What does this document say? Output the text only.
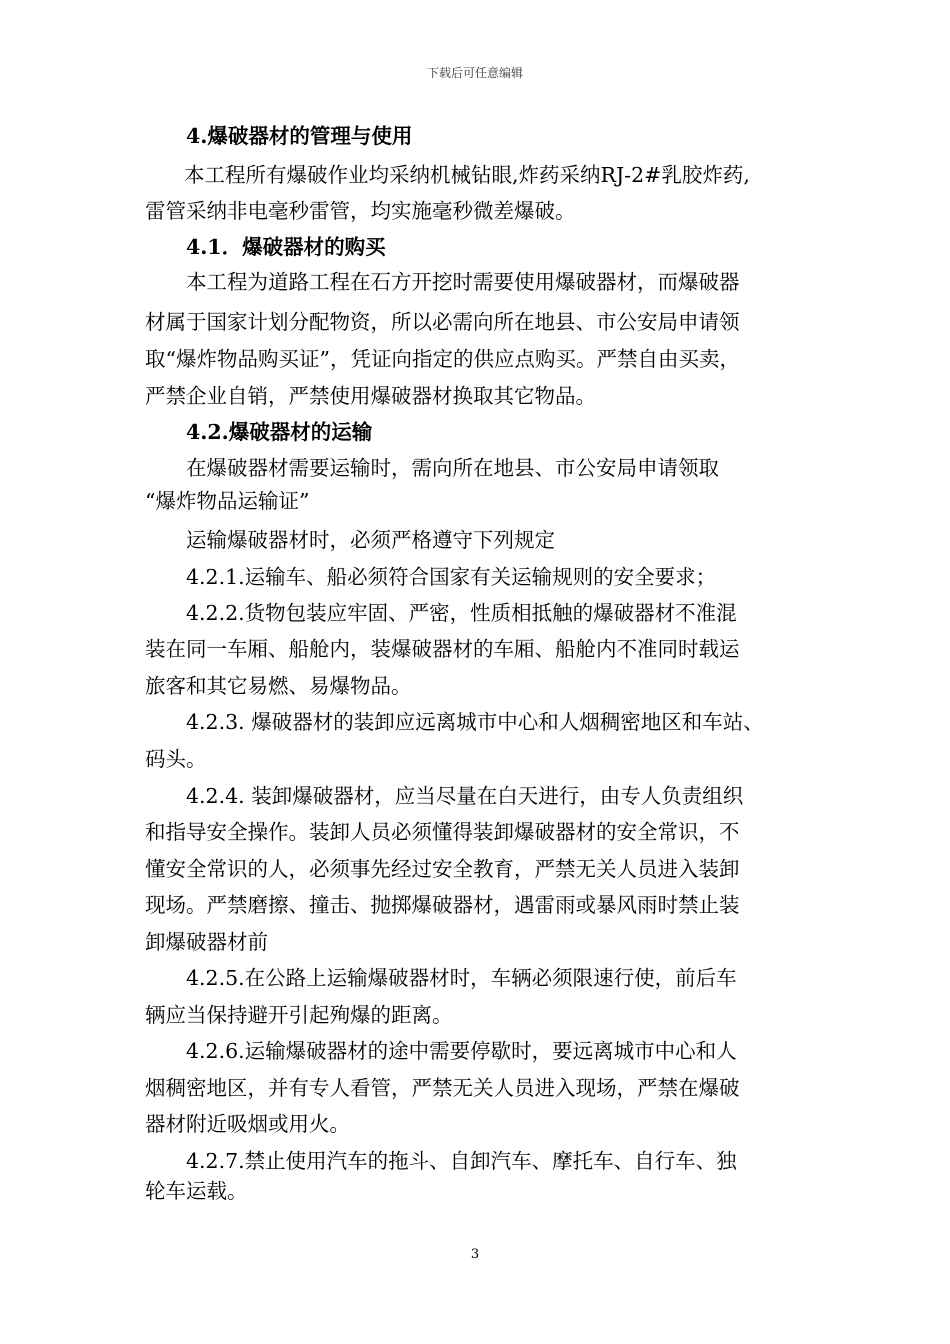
下载后可任意编辑
4.爆破器材的管理与使用
本工程所有爆破作业均采纳机械钻眼,炸药采纳RJ-2#乳胶炸药,
雷管采纳非电毫秒雷管，均实施毫秒微差爆破。
4.1．爆破器材的购买
本工程为道路工程在石方开挖时需要使用爆破器材，而爆破器
材属于国家计划分配物资，所以必需向所在地县、市公安局申请领
取“爆炸物品购买证”，凭证向指定的供应点购买。严禁自由买卖，
严禁企业自销，严禁使用爆破器材换取其它物品。
4.2.爆破器材的运输
在爆破器材需要运输时，需向所在地县、市公安局申请领取
“爆炸物品运输证”
运输爆破器材时，必须严格遵守下列规定
4.2.1.运输车、船必须符合国家有关运输规则的安全要求；
4.2.2.货物包装应牢固、严密，性质相抵触的爆破器材不准混
装在同一车厢、船舱内，装爆破器材的车厢、船舱内不准同时载运
旅客和其它易燃、易爆物品。
4.2.3. 爆破器材的装卸应远离城市中心和人烟稠密地区和车站、
码头。
4.2.4. 装卸爆破器材，应当尽量在白天进行，由专人负责组织
和指导安全操作。装卸人员必须懂得装卸爆破器材的安全常识，不
懂安全常识的人，必须事先经过安全教育，严禁无关人员进入装卸
现场。严禁磨擦、撞击、抛掷爆破器材，遇雷雨或暴风雨时禁止装
卸爆破器材前
4.2.5.在公路上运输爆破器材时，车辆必须限速行使，前后车
辆应当保持避开引起殉爆的距离。
4.2.6.运输爆破器材的途中需要停歇时，要远离城市中心和人
烟稠密地区，并有专人看管，严禁无关人员进入现场，严禁在爆破
器材附近吸烟或用火。
4.2.7.禁止使用汽车的拖斗、自卸汽车、摩托车、自行车、独
轮车运载。
3
